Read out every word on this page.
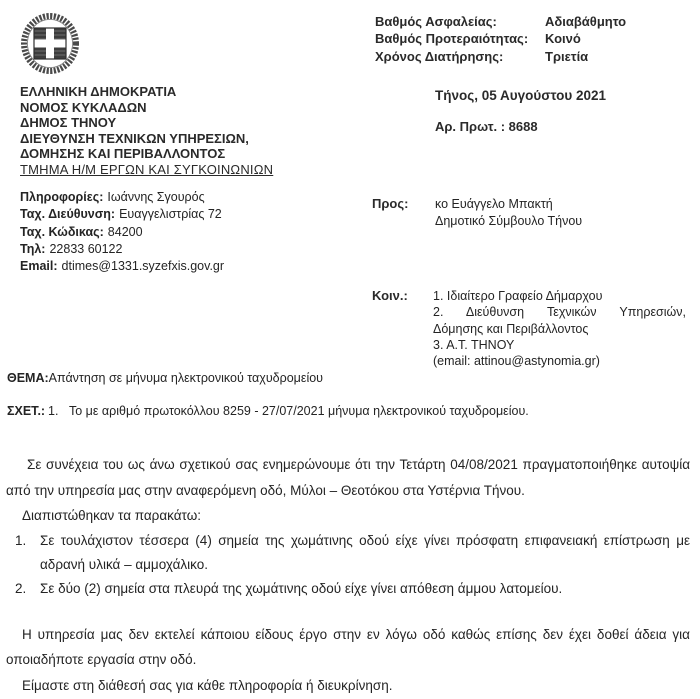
ΕΛΛΗΝΙΚΗ ΔΗΜΟΚΡΑΤΙΑ
ΝΟΜΟΣ ΚΥΚΛΑΔΩΝ
ΔΗΜΟΣ ΤΗΝΟΥ
ΔΙΕΥΘΥΝΣΗ ΤΕΧΝΙΚΩΝ ΥΠΗΡΕΣΙΩΝ,
ΔΟΜΗΣΗΣ ΚΑΙ ΠΕΡΙΒΑΛΛΟΝΤΟΣ
ΤΜΗΜΑ Η/Μ ΕΡΓΩΝ ΚΑΙ ΣΥΓΚΟΙΝΩΝΙΩΝ
Πληροφορίες: Ιωάννης Σγουρός
Ταχ. Διεύθυνση: Ευαγγελιστρίας 72
Ταχ. Κώδικας: 84200
Τηλ: 22833 60122
Email: dtimes@1331.syzefxis.gov.gr
Βαθμός Ασφαλείας:	Αδιαβάθμητο
Βαθμός Προτεραιότητας:	Κοινό
Χρόνος Διατήρησης:	Τριετία
Τήνος, 05 Αυγούστου 2021
Αρ. Πρωτ. : 8688
Προς: κο Ευάγγελο Μπακτή
Δημοτικό Σύμβουλο Τήνου
Κοιν.: 1. Ιδιαίτερο Γραφείο Δήμαρχου
2. Διεύθυνση Τεχνικών Υπηρεσιών,
Δόμησης και Περιβάλλοντος
3. Α.Τ. ΤΗΝΟΥ
(email: attinou@astynomia.gr)
ΘΕΜΑ: Απάντηση σε μήνυμα ηλεκτρονικού ταχυδρομείου
ΣΧΕΤ.: 1. Το με αριθμό πρωτοκόλλου 8259 - 27/07/2021 μήνυμα ηλεκτρονικού ταχυδρομείου.

Σε συνέχεια του ως άνω σχετικού σας ενημερώνουμε ότι την Τετάρτη 04/08/2021 πραγματοποιήθηκε αυτοψία από την υπηρεσία μας στην αναφερόμενη οδό, Μύλοι – Θεοτόκου στα Υστέρνια Τήνου.

Διαπιστώθηκαν τα παρακάτω:

1.	Σε τουλάχιστον τέσσερα (4) σημεία της χωμάτινης οδού είχε γίνει πρόσφατη επιφανειακή επίστρωση με αδρανή υλικά – αμμοχάλικο.
2.	Σε δύο (2) σημεία στα πλευρά της χωμάτινης οδού είχε γίνει απόθεση άμμου λατομείου.

Η υπηρεσία μας δεν εκτελεί κάποιου είδους έργο στην εν λόγω οδό καθώς επίσης δεν έχει δοθεί άδεια για οποιαδήποτε εργασία στην οδό.

Είμαστε στη διάθεσή σας για κάθε πληροφορία ή διευκρίνηση.
